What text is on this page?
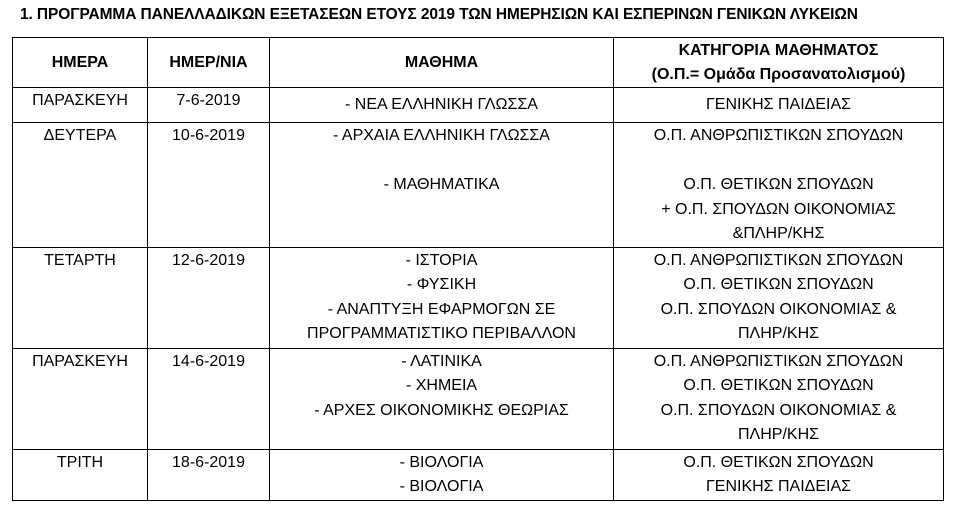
1. ΠΡΟΓΡΑΜΜΑ ΠΑΝΕΛΛΑΔΙΚΩΝ ΕΞΕΤΑΣΕΩΝ ΕΤΟΥΣ 2019 ΤΩΝ ΗΜΕΡΗΣΙΩΝ ΚΑΙ ΕΣΠΕΡΙΝΩΝ ΓΕΝΙΚΩΝ ΛΥΚΕΙΩΝ
ΗΜΕΡΑ	ΗΜΕΡ/ΝΙΑ	ΜΑΘΗΜΑ	ΚΑΤΗΓΟΡΙΑ ΜΑΘΗΜΑΤΟΣ
(Ο.Π.= Ομάδα Προσανατολισμού)

ΠΑΡΑΣΚΕΥΗ	7-6-2019	- ΝΕΑ ΕΛΛΗΝΙΚΗ ΓΛΩΣΣΑ	ΓΕΝΙΚΗΣ ΠΑΙΔΕΙΑΣ

ΔΕΥΤΕΡΑ	10-6-2019	- ΑΡΧΑΙΑ ΕΛΛΗΝΙΚΗ ΓΛΩΣΣΑ
- ΜΑΘΗΜΑΤΙΚΑ	Ο.Π. ΑΝΘΡΩΠΙΣΤΙΚΩΝ ΣΠΟΥΔΩΝ
Ο.Π. ΘΕΤΙΚΩΝ ΣΠΟΥΔΩΝ
+ Ο.Π. ΣΠΟΥΔΩΝ ΟΙΚΟΝΟΜΙΑΣ
&ΠΛΗΡ/ΚΗΣ

ΤΕΤΑΡΤΗ	12-6-2019	- ΙΣΤΟΡΙΑ
- ΦΥΣΙΚΗ
- ΑΝΑΠΤΥΞΗ ΕΦΑΡΜΟΓΩΝ ΣΕ
ΠΡΟΓΡΑΜΜΑΤΙΣΤΙΚΟ ΠΕΡΙΒΑΛΛΟΝ	Ο.Π. ΑΝΘΡΩΠΙΣΤΙΚΩΝ ΣΠΟΥΔΩΝ
Ο.Π. ΘΕΤΙΚΩΝ ΣΠΟΥΔΩΝ
Ο.Π. ΣΠΟΥΔΩΝ ΟΙΚΟΝΟΜΙΑΣ &
ΠΛΗΡ/ΚΗΣ

ΠΑΡΑΣΚΕΥΗ	14-6-2019	- ΛΑΤΙΝΙΚΑ
- ΧΗΜΕΙΑ
- ΑΡΧΕΣ ΟΙΚΟΝΟΜΙΚΗΣ ΘΕΩΡΙΑΣ	Ο.Π. ΑΝΘΡΩΠΙΣΤΙΚΩΝ ΣΠΟΥΔΩΝ
Ο.Π. ΘΕΤΙΚΩΝ ΣΠΟΥΔΩΝ
Ο.Π. ΣΠΟΥΔΩΝ ΟΙΚΟΝΟΜΙΑΣ &
ΠΛΗΡ/ΚΗΣ

ΤΡΙΤΗ	18-6-2019	- ΒΙΟΛΟΓΙΑ
- ΒΙΟΛΟΓΙΑ	Ο.Π. ΘΕΤΙΚΩΝ ΣΠΟΥΔΩΝ
ΓΕΝΙΚΗΣ ΠΑΙΔΕΙΑΣ
